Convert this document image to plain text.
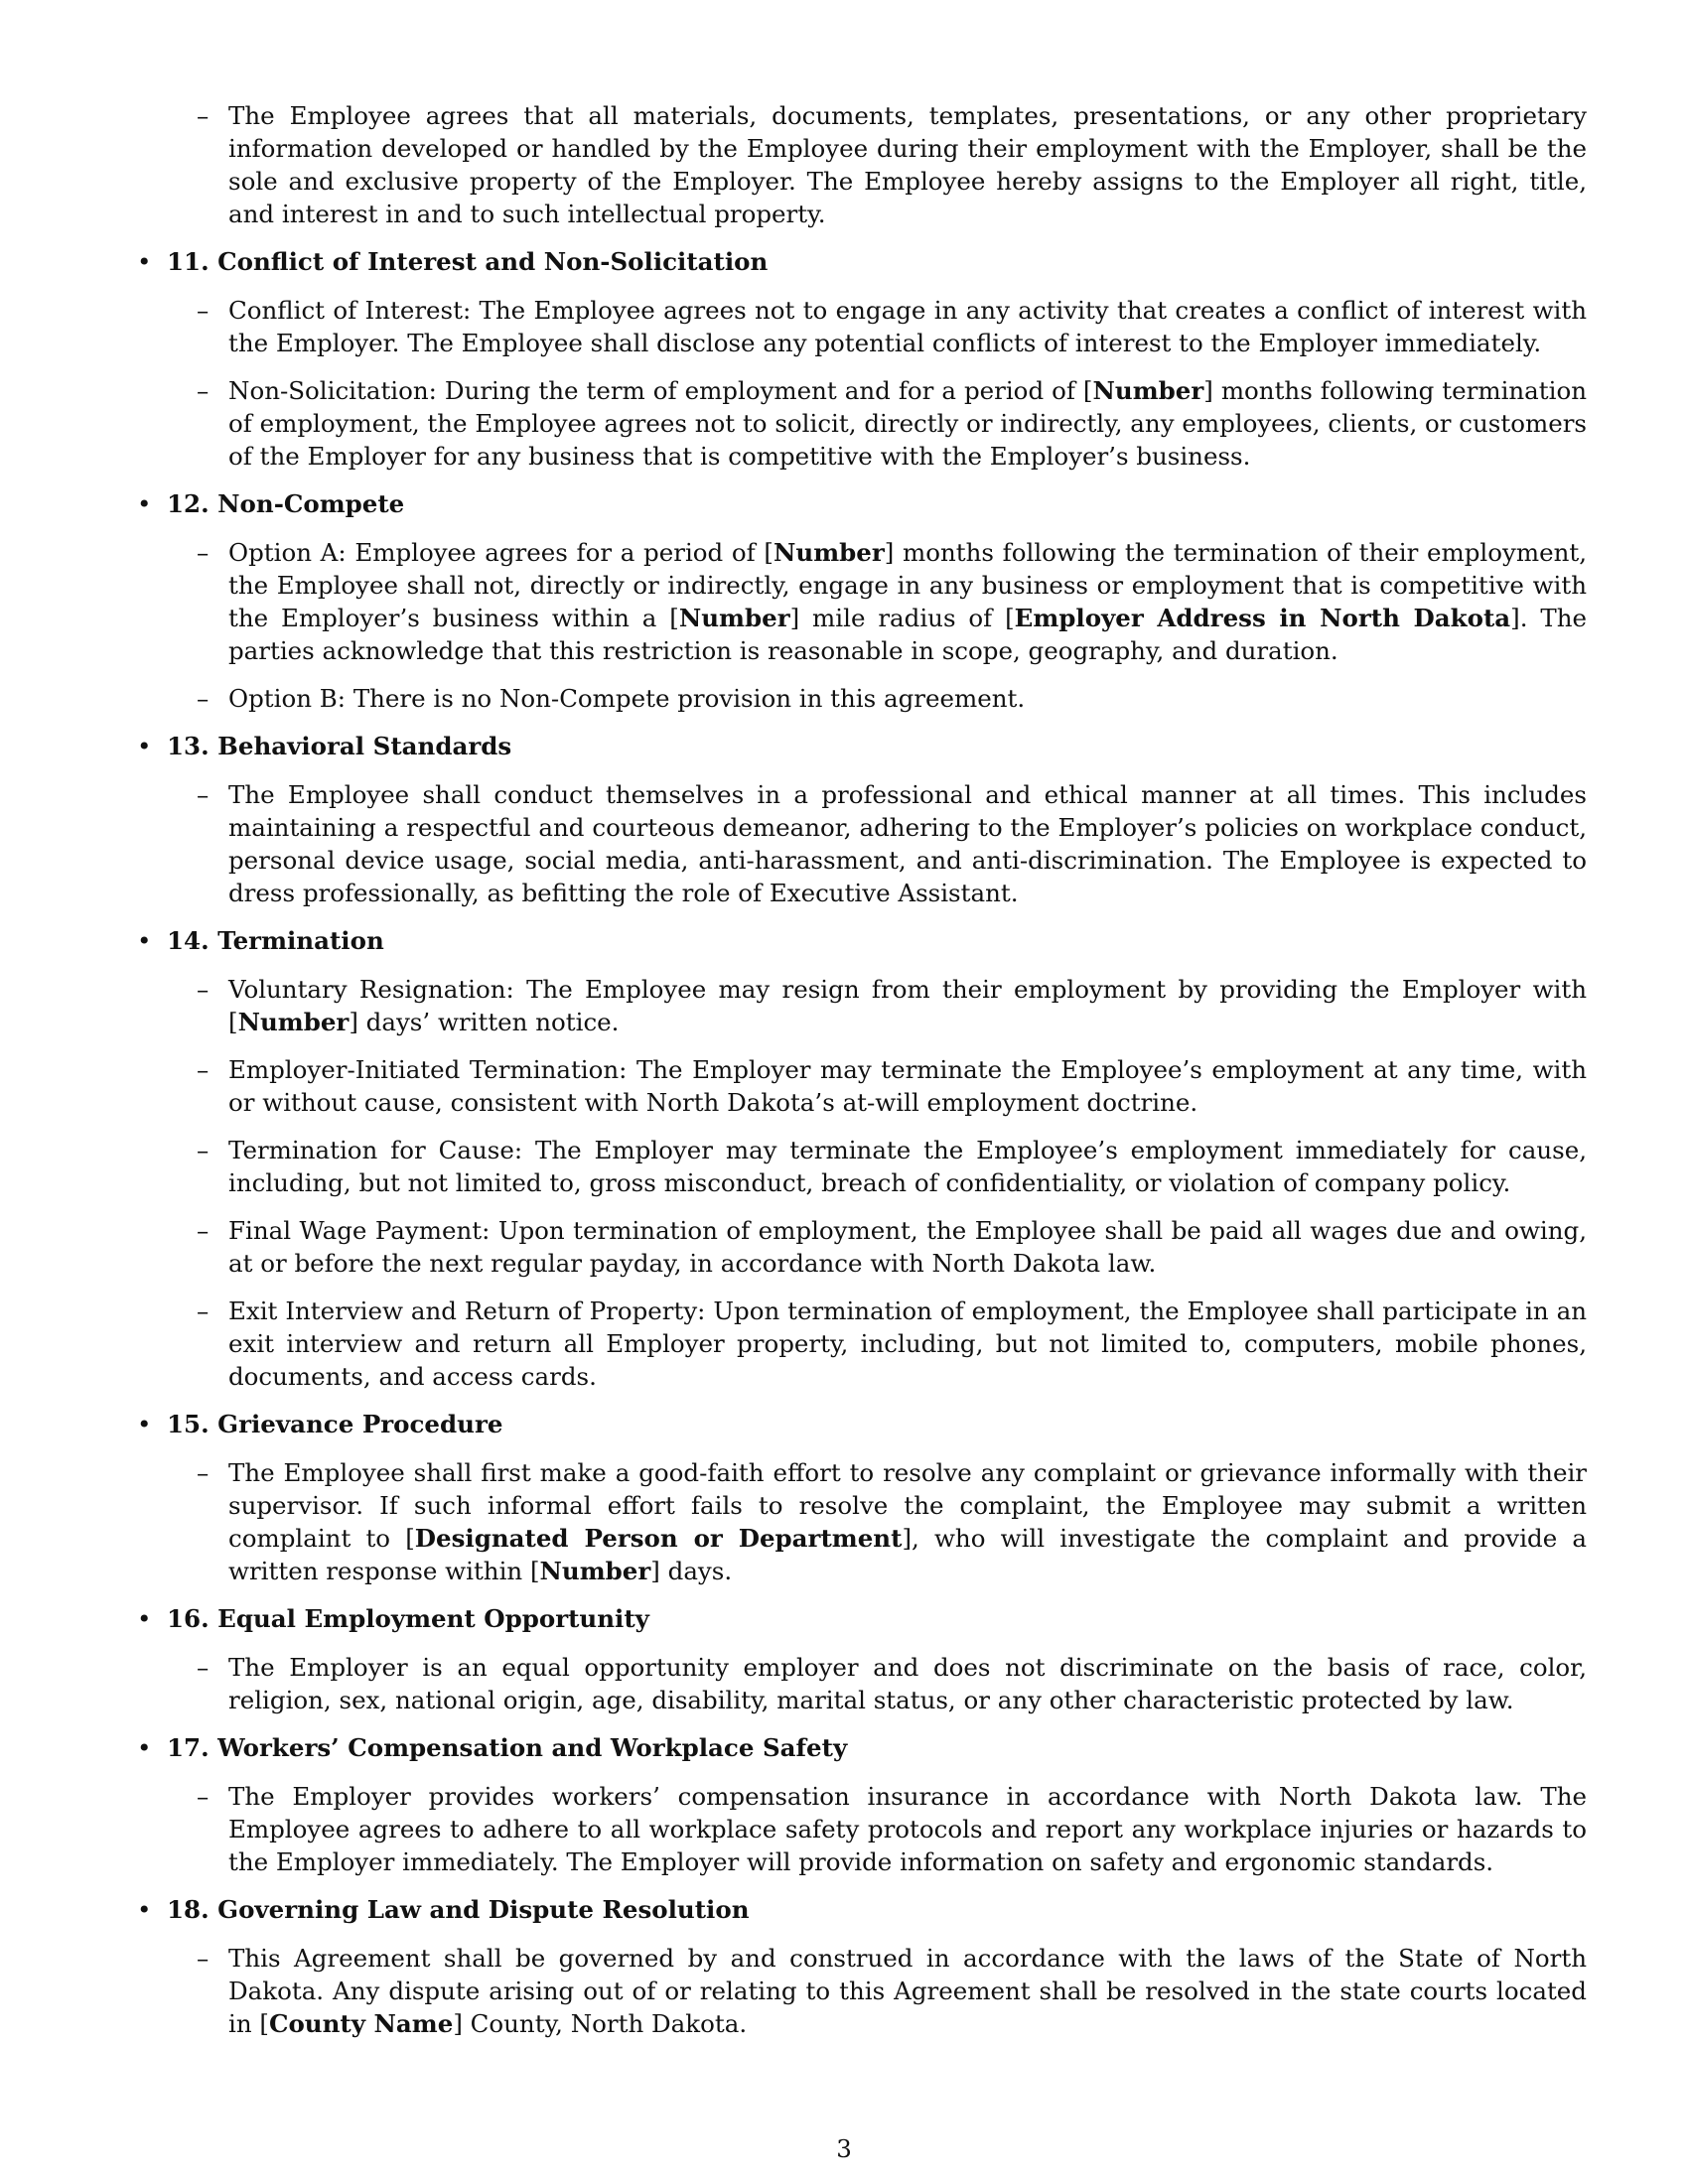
– The Employee agrees that all materials, documents, templates, presentations, or any other proprietary information developed or handled by the Employee during their employment with the Employer, shall be the sole and exclusive property of the Employer. The Employee hereby assigns to the Employer all right, title, and interest in and to such intellectual property.
• 11. Conflict of Interest and Non-Solicitation
– Conflict of Interest: The Employee agrees not to engage in any activity that creates a conflict of interest with the Employer. The Employee shall disclose any potential conflicts of interest to the Employer immediately.
– Non-Solicitation: During the term of employment and for a period of [Number] months following termination of employment, the Employee agrees not to solicit, directly or indirectly, any employees, clients, or customers of the Employer for any business that is competitive with the Employer’s business.
• 12. Non-Compete
– Option A: Employee agrees for a period of [Number] months following the termination of their employment, the Employee shall not, directly or indirectly, engage in any business or employment that is competitive with the Employer’s business within a [Number] mile radius of [Employer Address in North Dakota]. The parties acknowledge that this restriction is reasonable in scope, geography, and duration.
– Option B: There is no Non-Compete provision in this agreement.
• 13. Behavioral Standards
– The Employee shall conduct themselves in a professional and ethical manner at all times. This includes maintaining a respectful and courteous demeanor, adhering to the Employer’s policies on workplace conduct, personal device usage, social media, anti-harassment, and anti-discrimination. The Employee is expected to dress professionally, as befitting the role of Executive Assistant.
• 14. Termination
– Voluntary Resignation: The Employee may resign from their employment by providing the Employer with [Number] days’ written notice.
– Employer-Initiated Termination: The Employer may terminate the Employee’s employment at any time, with or without cause, consistent with North Dakota’s at-will employment doctrine.
– Termination for Cause: The Employer may terminate the Employee’s employment immediately for cause, including, but not limited to, gross misconduct, breach of confidentiality, or violation of company policy.
– Final Wage Payment: Upon termination of employment, the Employee shall be paid all wages due and owing, at or before the next regular payday, in accordance with North Dakota law.
– Exit Interview and Return of Property: Upon termination of employment, the Employee shall participate in an exit interview and return all Employer property, including, but not limited to, computers, mobile phones, documents, and access cards.
• 15. Grievance Procedure
– The Employee shall first make a good-faith effort to resolve any complaint or grievance informally with their supervisor. If such informal effort fails to resolve the complaint, the Employee may submit a written complaint to [Designated Person or Department], who will investigate the complaint and provide a written response within [Number] days.
• 16. Equal Employment Opportunity
– The Employer is an equal opportunity employer and does not discriminate on the basis of race, color, religion, sex, national origin, age, disability, marital status, or any other characteristic protected by law.
• 17. Workers’ Compensation and Workplace Safety
– The Employer provides workers’ compensation insurance in accordance with North Dakota law. The Employee agrees to adhere to all workplace safety protocols and report any workplace injuries or hazards to the Employer immediately. The Employer will provide information on safety and ergonomic standards.
• 18. Governing Law and Dispute Resolution
– This Agreement shall be governed by and construed in accordance with the laws of the State of North Dakota. Any dispute arising out of or relating to this Agreement shall be resolved in the state courts located in [County Name] County, North Dakota.
3
